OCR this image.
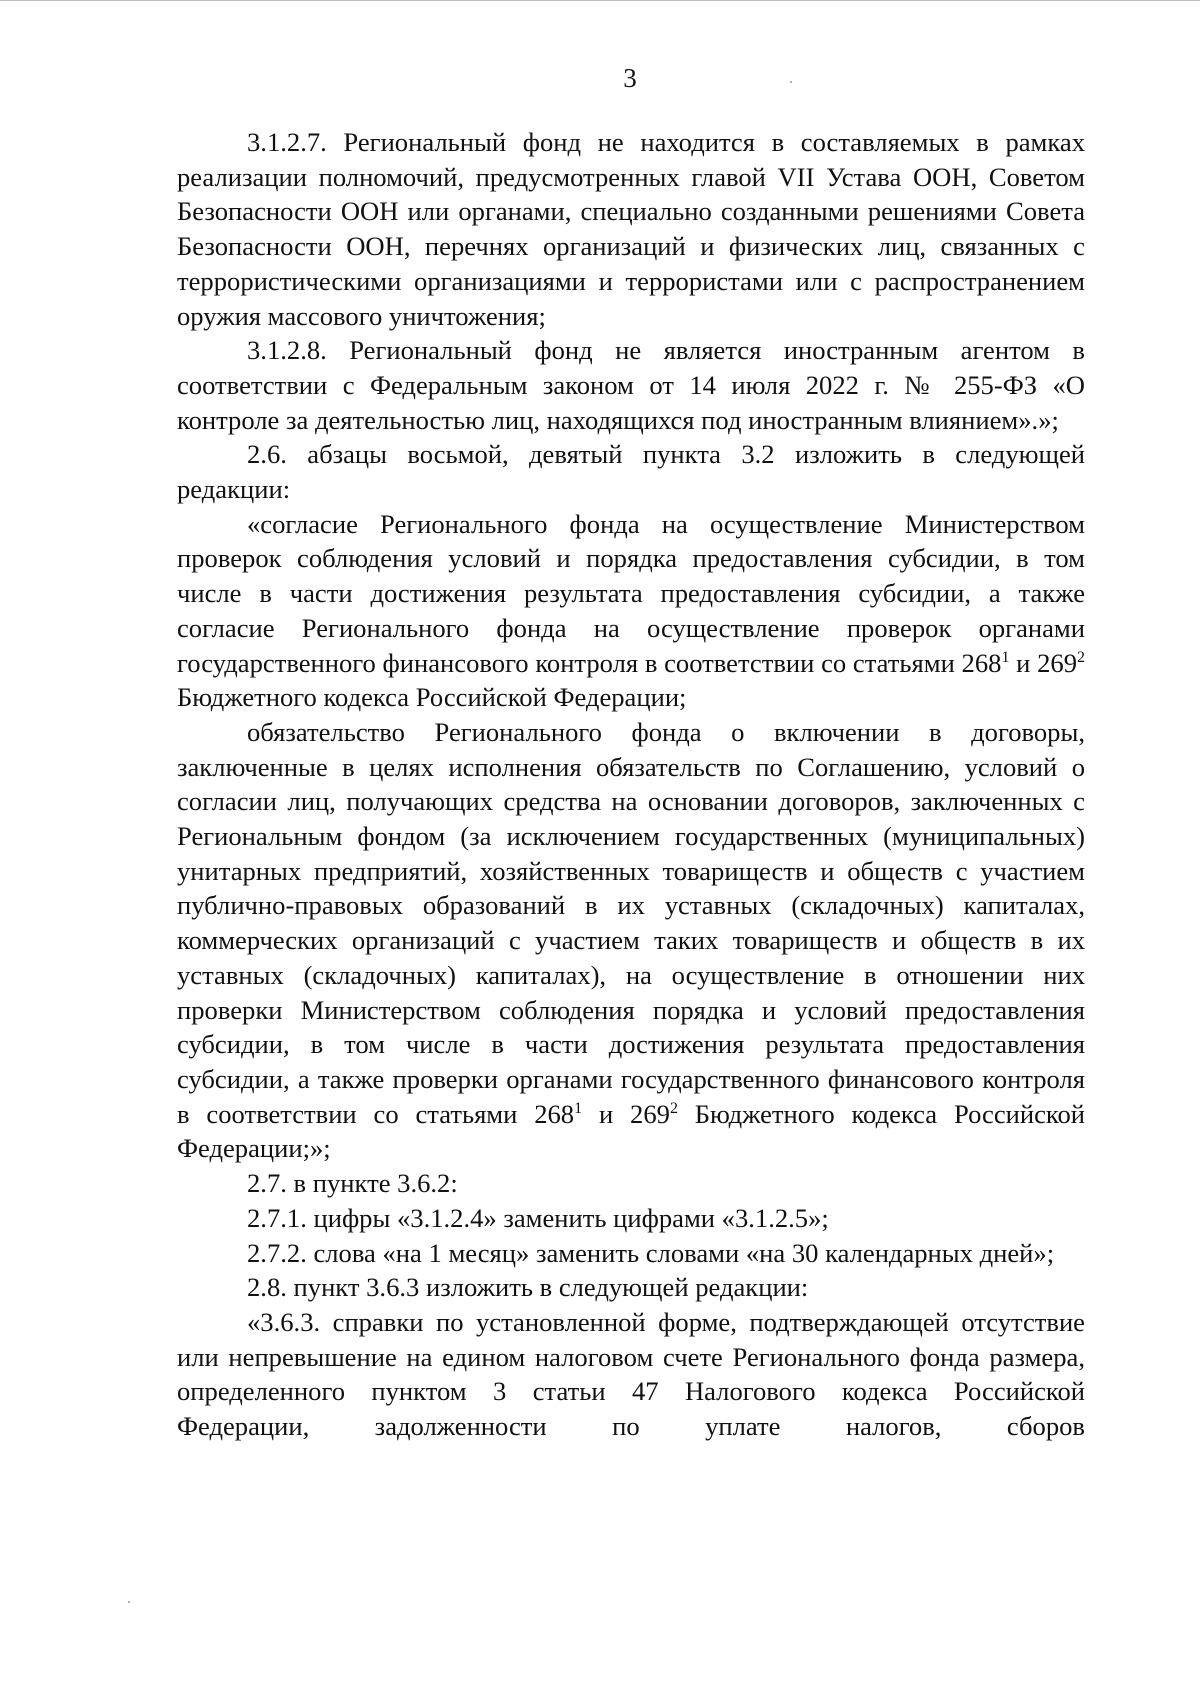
3

3.1.2.7. Региональный фонд не находится в составляемых в рамках реализации полномочий, предусмотренных главой VII Устава ООН, Советом Безопасности ООН или органами, специально созданными решениями Совета Безопасности ООН, перечнях организаций и физических лиц, связанных с террористическими организациями и террористами или с распространением оружия массового уничтожения;

3.1.2.8. Региональный фонд не является иностранным агентом в соответствии с Федеральным законом от 14 июля 2022 г. № 255-ФЗ «О контроле за деятельностью лиц, находящихся под иностранным влиянием».»;

2.6. абзацы восьмой, девятый пункта 3.2 изложить в следующей редакции:

«согласие Регионального фонда на осуществление Министерством проверок соблюдения условий и порядка предоставления субсидии, в том числе в части достижения результата предоставления субсидии, а также согласие Регионального фонда на осуществление проверок органами государственного финансового контроля в соответствии со статьями $268^1$ и $269^2$ Бюджетного кодекса Российской Федерации;

обязательство Регионального фонда о включении в договоры, заключенные в целях исполнения обязательств по Соглашению, условий о согласии лиц, получающих средства на основании договоров, заключенных с Региональным фондом (за исключением государственных (муниципальных) унитарных предприятий, хозяйственных товариществ и обществ с участием публично-правовых образований в их уставных (складочных) капиталах, коммерческих организаций с участием таких товариществ и обществ в их уставных (складочных) капиталах), на осуществление в отношении них проверки Министерством соблюдения порядка и условий предоставления субсидии, в том числе в части достижения результата предоставления субсидии, а также проверки органами государственного финансового контроля в соответствии со статьями $268^1$ и $269^2$ Бюджетного кодекса Российской Федерации;»;

2.7. в пункте 3.6.2:

2.7.1. цифры «3.1.2.4» заменить цифрами «3.1.2.5»;

2.7.2. слова «на 1 месяц» заменить словами «на 30 календарных дней»;

2.8. пункт 3.6.3 изложить в следующей редакции:

«3.6.3. справки по установленной форме, подтверждающей отсутствие или непревышение на едином налоговом счете Регионального фонда размера, определенного пунктом 3 статьи 47 Налогового кодекса Российской Федерации, задолженности по уплате налогов, сборов
